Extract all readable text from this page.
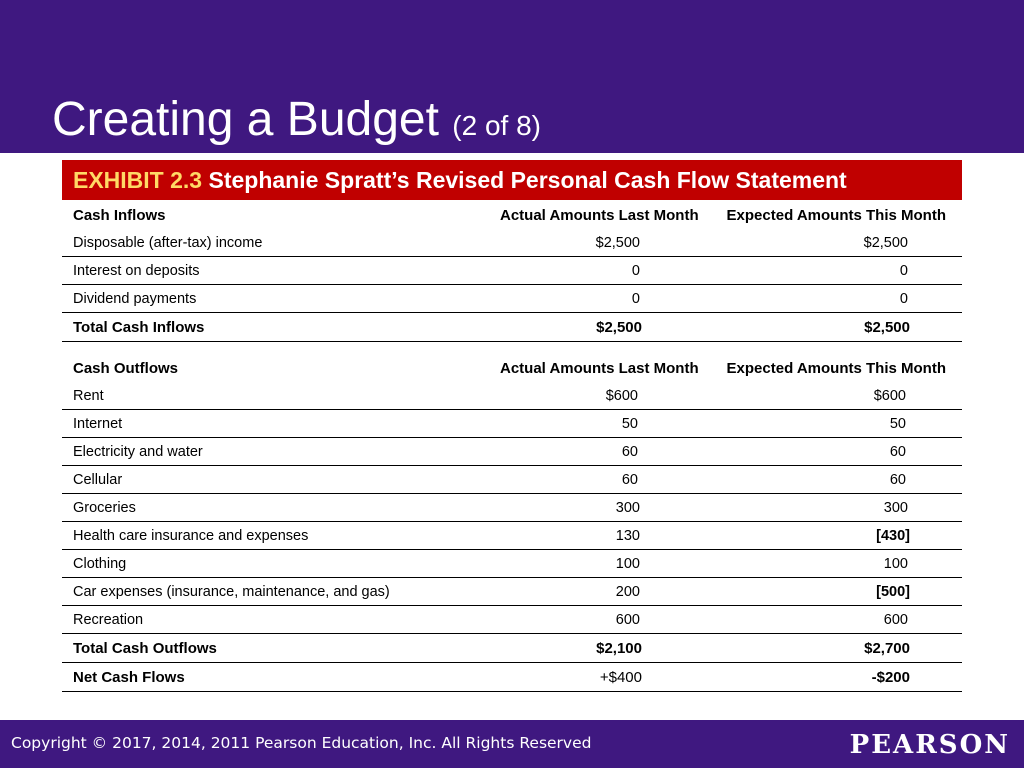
Creating a Budget (2 of 8)
EXHIBIT 2.3 Stephanie Spratt’s Revised Personal Cash Flow Statement
Cash Inflows	Actual Amounts Last Month	Expected Amounts This Month	
Disposable (after-tax) income	$2,500	$2,500	
Interest on deposits	0	0	
Dividend payments	0	0	
Total Cash Inflows	$2,500	$2,500	

Cash Outflows	Actual Amounts Last Month	Expected Amounts This Month	
Rent	$600	$600	
Internet	50	50	
Electricity and water	60	60	
Cellular	60	60	
Groceries	300	300	
Health care insurance and expenses	130	[430]	
Clothing	100	100	
Car expenses (insurance, maintenance, and gas)	200	[500]	
Recreation	600	600	
Total Cash Outflows	$2,100	$2,700	
Net Cash Flows	+$400	-$200	
Copyright © 2017, 2014, 2011 Pearson Education, Inc. All Rights Reserved	PEARSON
